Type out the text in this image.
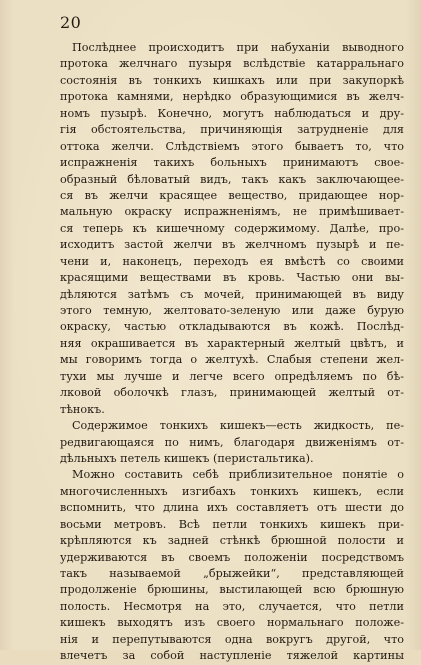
20
Послѣднее происходитъ при набуханіи выводного
протока желчнаго пузыря вслѣдствіе катарральнаго
состоянія въ тонкихъ кишкахъ или при закупоркѣ
протока камнями, нерѣдко образующимися въ желч-
номъ пузырѣ. Конечно, могутъ наблюдаться и дру-
гія обстоятельства, причиняющія затрудненіе для
оттока желчи. Слѣдствіемъ этого бываетъ то, что
испражненія такихъ больныхъ принимаютъ свое-
образный бѣловатый видъ, такъ какъ заключающее-
ся въ желчи красящее вещество, придающее нор-
мальную окраску испражненіямъ, не примѣшивает-
ся теперь къ кишечному содержимому. Далѣе, про-
исходитъ застой желчи въ желчномъ пузырѣ и пе-
чени и, наконецъ, переходъ ея вмѣстѣ со своими
красящими веществами въ кровь. Частью они вы-
дѣляются затѣмъ съ мочей, принимающей въ виду
этого темную, желтовато-зеленую или даже бурую
окраску, частью откладываются въ кожѣ. Послѣд-
няя окрашивается въ характерный желтый цвѣтъ, и
мы говоримъ тогда о желтухѣ. Слабыя степени жел-
тухи мы лучше и легче всего опредѣляемъ по бѣ-
лковой оболочкѣ глазъ, принимающей желтый от-
тѣнокъ.
Содержимое тонкихъ кишекъ—есть жидкость, пе-
редвигающаяся по нимъ, благодаря движеніямъ от-
дѣльныхъ петель кишекъ (перистальтика).
Можно составить себѣ приблизительное понятіе о
многочисленныхъ изгибахъ тонкихъ кишекъ, если
вспомнить, что длина ихъ составляетъ отъ шести до
восьми метровъ. Всѣ петли тонкихъ кишекъ при-
крѣпляются къ задней стѣнкѣ брюшной полости и
удерживаются въ своемъ положеніи посредствомъ
такъ называемой „брыжейки“, представляющей
продолженіе брюшины, выстилающей всю брюшную
полость. Несмотря на это, случается, что петли
кишекъ выходятъ изъ своего нормальнаго положе-
нія и перепутываются одна вокругъ другой, что
влечетъ за собой наступленіе тяжелой картины
